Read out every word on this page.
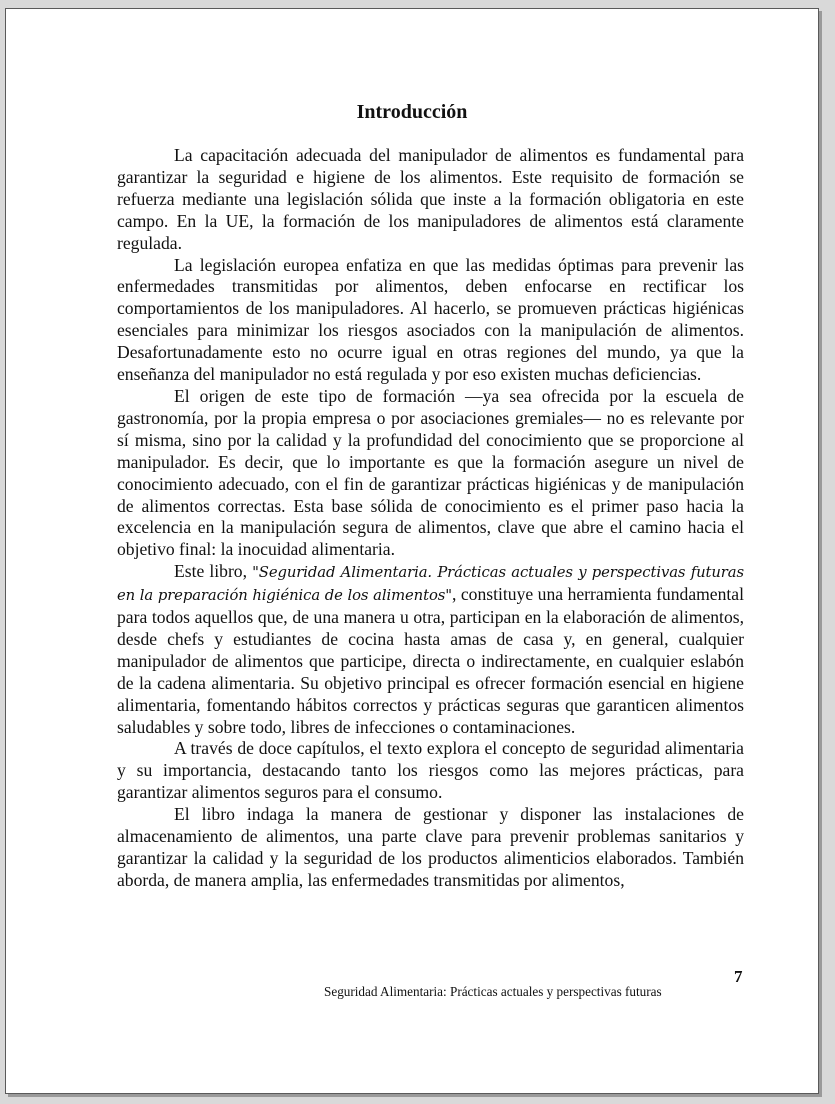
Introducción

La capacitación adecuada del manipulador de alimentos es fundamental para garantizar la seguridad e higiene de los alimentos. Este requisito de formación se refuerza mediante una legislación sólida que inste a la formación obligatoria en este campo. En la UE, la formación de los manipuladores de alimentos está claramente regulada.

La legislación europea enfatiza en que las medidas óptimas para prevenir las enfermedades transmitidas por alimentos, deben enfocarse en rectificar los comportamientos de los manipuladores. Al hacerlo, se promueven prácticas higiénicas esenciales para minimizar los riesgos asociados con la manipulación de alimentos. Desafortunadamente esto no ocurre igual en otras regiones del mundo, ya que la enseñanza del manipulador no está regulada y por eso existen muchas deficiencias.

El origen de este tipo de formación —ya sea ofrecida por la escuela de gastronomía, por la propia empresa o por asociaciones gremiales— no es relevante por sí misma, sino por la calidad y la profundidad del conocimiento que se proporcione al manipulador. Es decir, que lo importante es que la formación asegure un nivel de conocimiento adecuado, con el fin de garantizar prácticas higiénicas y de manipulación de alimentos correctas. Esta base sólida de conocimiento es el primer paso hacia la excelencia en la manipulación segura de alimentos, clave que abre el camino hacia el objetivo final: la inocuidad alimentaria.

Este libro, "Seguridad Alimentaria. Prácticas actuales y perspectivas futuras en la preparación higiénica de los alimentos", constituye una herramienta fundamental para todos aquellos que, de una manera u otra, participan en la elaboración de alimentos, desde chefs y estudiantes de cocina hasta amas de casa y, en general, cualquier manipulador de alimentos que participe, directa o indirectamente, en cualquier eslabón de la cadena alimentaria. Su objetivo principal es ofrecer formación esencial en higiene alimentaria, fomentando hábitos correctos y prácticas seguras que garanticen alimentos saludables y sobre todo, libres de infecciones o contaminaciones.

A través de doce capítulos, el texto explora el concepto de seguridad alimentaria y su importancia, destacando tanto los riesgos como las mejores prácticas, para garantizar alimentos seguros para el consumo.

El libro indaga la manera de gestionar y disponer las instalaciones de almacenamiento de alimentos, una parte clave para prevenir problemas sanitarios y garantizar la calidad y la seguridad de los productos alimenticios elaborados. También aborda, de manera amplia, las enfermedades transmitidas por alimentos,

7
Seguridad Alimentaria: Prácticas actuales y perspectivas futuras
